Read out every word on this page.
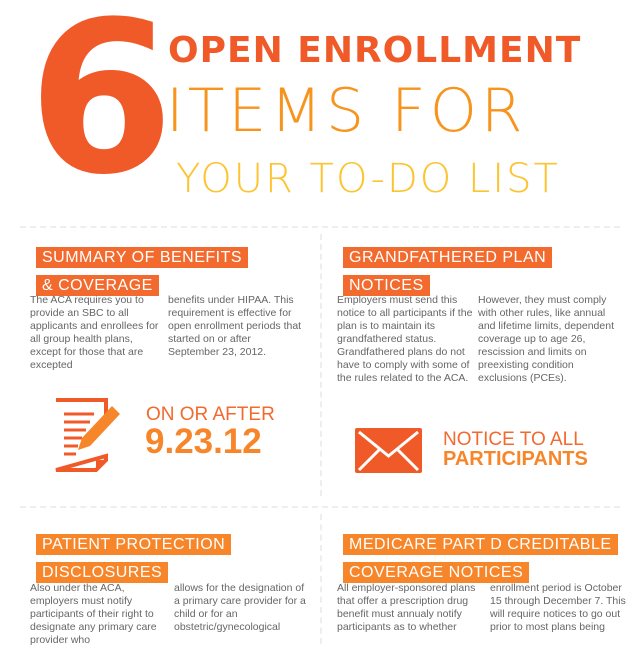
6 OPEN ENROLLMENT
ITEMS FOR
YOUR TO-DO LIST
SUMMARY OF BENEFITS
& COVERAGE
The ACA requires you to provide an SBC to all applicants and enrollees for all group health plans, except for those that are excepted
benefits under HIPAA. This requirement is effective for open enrollment periods that started on or after September 23, 2012.
ON OR AFTER
9.23.12
GRANDFATHERED PLAN
NOTICES
Employers must send this notice to all participants if the plan is to maintain its grandfathered status. Grandfathered plans do not have to comply with some of the rules related to the ACA.
However, they must comply with other rules, like annual and lifetime limits, dependent coverage up to age 26, rescission and limits on preexisting condition exclusions (PCEs).
NOTICE TO ALL
PARTICIPANTS
PATIENT PROTECTION
DISCLOSURES
Also under the ACA, employers must notify participants of their right to designate any primary care provider who
allows for the designation of a primary care provider for a child or for an obstetric/gynecological
MEDICARE PART D CREDITABLE
COVERAGE NOTICES
All employer-sponsored plans that offer a prescription drug benefit must annualy notify participants as to whether
enrollment period is October 15 through December 7. This will require notices to go out prior to most plans being
